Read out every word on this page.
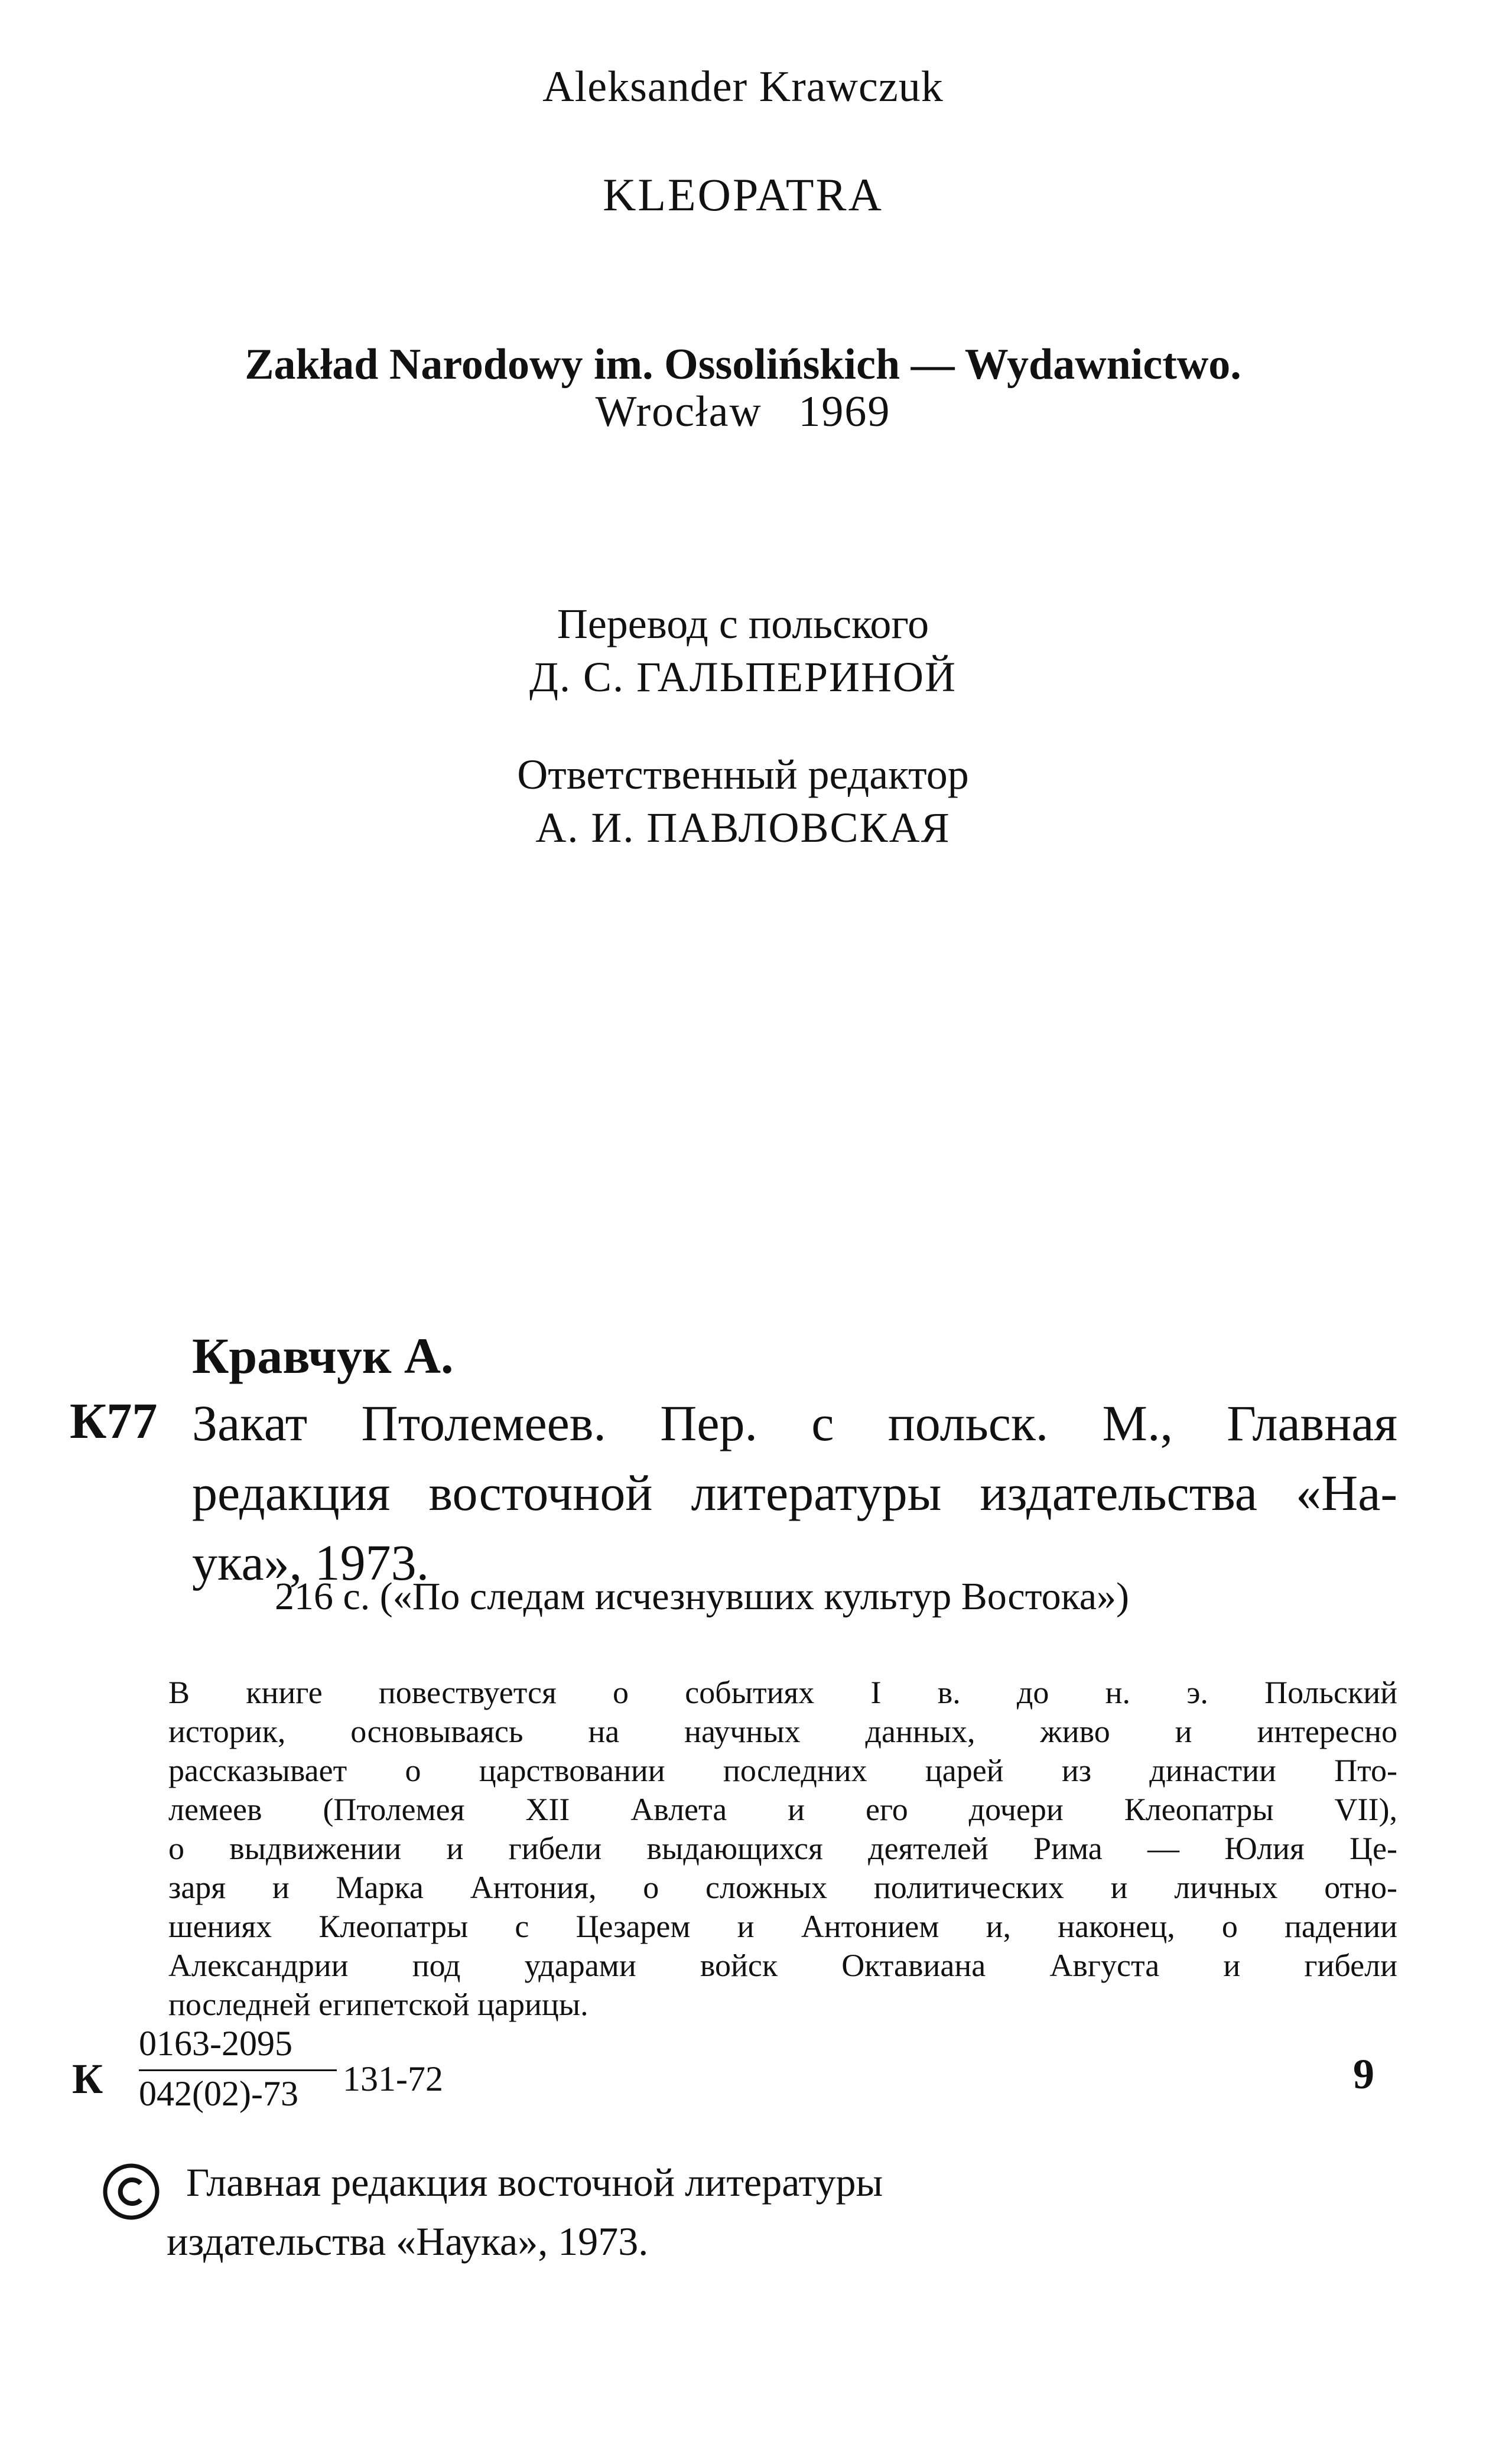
Aleksander Krawczuk
KLEOPATRA
Zakład Narodowy im. Ossolińskich — Wydawnictwo.
Wrocław   1969
Перевод с польского
Д. С. ГАЛЬПЕРИНОЙ
Ответственный редактор
А. И. ПАВЛОВСКАЯ
Кравчук А.
К77 Закат Птолемеев. Пер. с польск. М., Главная
редакция восточной литературы издательства «На-
ука», 1973.
216 с. («По следам исчезнувших культур Востока»)
В книге повествуется о событиях I в. до н. э. Польский
историк, основываясь на научных данных, живо и интересно
рассказывает о царствовании последних царей из династии Пто-
лемеев (Птолемея XII Авлета и его дочери Клеопатры VII),
о выдвижении и гибели выдающихся деятелей Рима — Юлия Це-
заря и Марка Антония, о сложных политических и личных отно-
шениях Клеопатры с Цезарем и Антонием и, наконец, о падении
Александрии под ударами войск Октавиана Августа и гибели
последней египетской царицы.
К
0163-2095
042(02)-73 131-72	9
Главная редакция восточной литературы
издательства «Наука», 1973.
